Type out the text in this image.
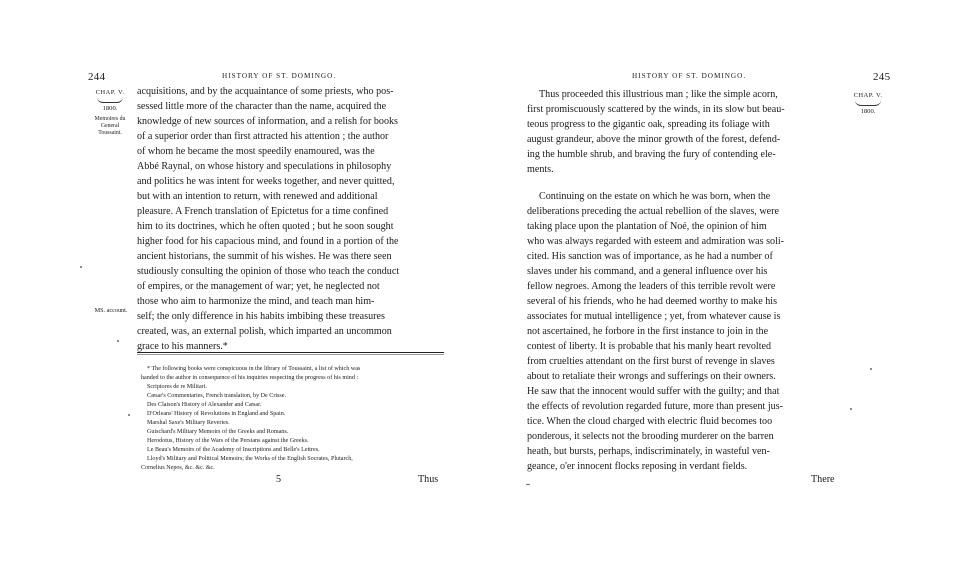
244	HISTORY OF ST. DOMINGO.
CHAP. V.
1800.
Memoires du
General
Toussaint.
MS. account.
acquisitions, and by the acquaintance of some priests, who pos-
sessed little more of the character than the name, acquired the
knowledge of new sources of information, and a relish for books
of a superior order than first attracted his attention ; the author
of whom he became the most speedily enamoured, was the
Abbé Raynal, on whose history and speculations in philosophy
and politics he was intent for weeks together, and never quitted,
but with an intention to return, with renewed and additional
pleasure. A French translation of Epictetus for a time confined
him to its doctrines, which he often quoted ; but he soon sought
higher food for his capacious mind, and found in a portion of the
ancient historians, the summit of his wishes. He was there seen
studiously consulting the opinion of those who teach the conduct
of empires, or the management of war; yet, he neglected not
those who aim to harmonize the mind, and teach man him-
self; the only difference in his habits imbibing these treasures
created, was, an external polish, which imparted an uncommon
grace to his manners.*
* The following books were conspicuous in the library of Toussaint, a list of which was
handed to the author in consequence of his inquiries respecting the progress of his mind :
Scriptores de re Militari.
Cæsar's Commentaries, French translation, by De Crisse.
Des Claison's History of Alexander and Cæsar.
D'Orleans' History of Revolutions in England and Spain.
Marshal Saxe's Military Reveries.
Guischard's Military Memoirs of the Greeks and Romans.
Herodotus, History of the Wars of the Persians against the Greeks.
Le Beau's Memoirs of the Academy of Inscriptions and Belle's Lettres.
Lloyd's Military and Political Memoirs; the Works of the English Socrates, Plutarch,
Cornelius Nepos, &c. &c. &c.
5	Thus
HISTORY OF ST. DOMINGO.	245
CHAP. V.
1800.
Thus proceeded this illustrious man ; like the simple acorn,
first promiscuously scattered by the winds, in its slow but beau-
teous progress to the gigantic oak, spreading its foliage with
august grandeur, above the minor growth of the forest, defend-
ing the humble shrub, and braving the fury of contending ele-
ments.
Continuing on the estate on which he was born, when the
deliberations preceding the actual rebellion of the slaves, were
taking place upon the plantation of Noé, the opinion of him
who was always regarded with esteem and admiration was soli-
cited. His sanction was of importance, as he had a number of
slaves under his command, and a general influence over his
fellow negroes. Among the leaders of this terrible revolt were
several of his friends, who he had deemed worthy to make his
associates for mutual intelligence ; yet, from whatever cause is
not ascertained, he forbore in the first instance to join in the
contest of liberty. It is probable that his manly heart revolted
from cruelties attendant on the first burst of revenge in slaves
about to retaliate their wrongs and sufferings on their owners.
He saw that the innocent would suffer with the guilty; and that
the effects of revolution regarded future, more than present jus-
tice. When the cloud charged with electric fluid becomes too
ponderous, it selects not the brooding murderer on the barren
heath, but bursts, perhaps, indiscriminately, in wasteful ven-
geance, o'er innocent flocks reposing in verdant fields.
There
